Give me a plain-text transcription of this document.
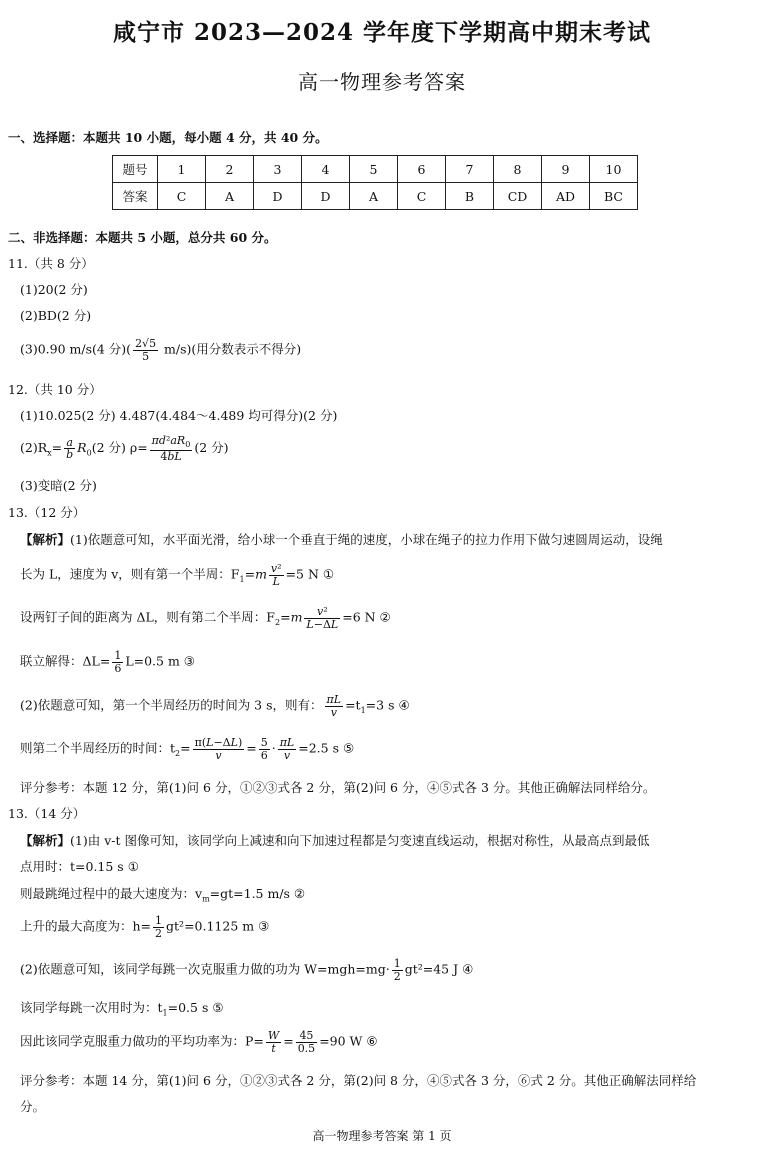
咸宁市 2023—2024 学年度下学期高中期末考试
高一物理参考答案
一、选择题：本题共 10 小题，每小题 4 分，共 40 分。
题号	1	2	3	4	5	6	7	8	9	10
答案	C	A	D	D	A	C	B	CD	AD	BC
二、非选择题：本题共 5 小题，总分共 60 分。
11.（共 8 分）
(1)20(2 分)
(2)BD(2 分)
(3)0.90 m/s(4 分)( $\frac{2√5}{5} m/s$)(用分数表示不得分)
12.（共 10 分）
(1)10.025(2 分) 4.487(4.484～4.489 均可得分)(2 分)
$(2)R_x= \frac{a}{b} R_0(2$ 分) $\rho= \frac{\pi d^2aR_0}{4bL} (2$ 分)
(3)变暗(2 分)
13.（12 分）
【解析】(1)依题意可知，水平面光滑，给小球一个垂直于绳的速度，小球在绳子的拉力作用下做匀速圆周运动，设绳
长为 L，速度为 v，则有第一个半周：$F_1=m \frac{\text{v²}}{L} =5$ N ①
设两钉子间的距离为 ΔL，则有第二个半周：$F_2=m \frac{\text{v²}}{L-\Delta L} =6$ N ②
联立解得：$\Delta L= \frac{1}{6} L=0.5$ m ③
(2)依题意可知，第一个半周经历的时间为 3 s，则有： $\frac{\pi L}{v} =t_1=3$ s ④
则第二个半周经历的时间：$t_2= \frac{\pi(L-\Delta L)}{v} = \frac{5}{6} \cdot \frac{\pi L}{v} =2.5$ s ⑤
评分参考：本题 12 分，第(1)问 6 分，①②③式各 2 分，第(2)问 6 分，④⑤式各 3 分。其他正确解法同样给分。
13.（14 分）
【解析】(1)由 v-t 图像可知，该同学向上减速和向下加速过程都是匀变速直线运动，根据对称性，从最高点到最低
点用时：t=0.15 s ①
则最跳绳过程中的最大速度为：$v_m=gt=1.5$ m/s ②
上升的最大高度为：$h= \frac{1}{2} gt^2=0.1125$ m ③
(2)依题意可知，该同学每跳一次克服重力做的功为 $W=mgh=mg\cdot \frac{1}{2} gt^2=45$ J ④
该同学每跳一次用时为：$t_1=0.5$ s ⑤
因此该同学克服重力做功的平均功率为：$P= \frac{W}{t} = \frac{45}{0.5} =90$ W ⑥
评分参考：本题 14 分，第(1)问 6 分，①②③式各 2 分，第(2)问 8 分，④⑤式各 3 分，⑥式 2 分。其他正确解法同样给
分。
高一物理参考答案 第 1 页
